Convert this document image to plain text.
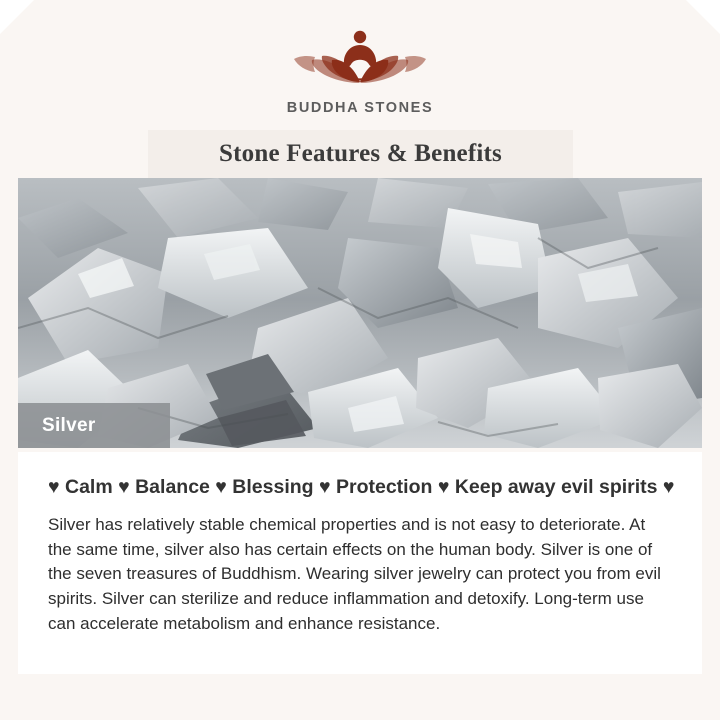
BUDDHA STONES
Stone Features & Benefits
Silver
♥ Calm ♥ Balance ♥ Blessing ♥ Protection ♥ Keep away evil spirits ♥
Silver has relatively stable chemical properties and is not easy to deteriorate. At the same time, silver also has certain effects on the human body. Silver is one of the seven treasures of Buddhism. Wearing silver jewelry can protect you from evil spirits. Silver can sterilize and reduce inflammation and detoxify. Long-term use can accelerate metabolism and enhance resistance.
